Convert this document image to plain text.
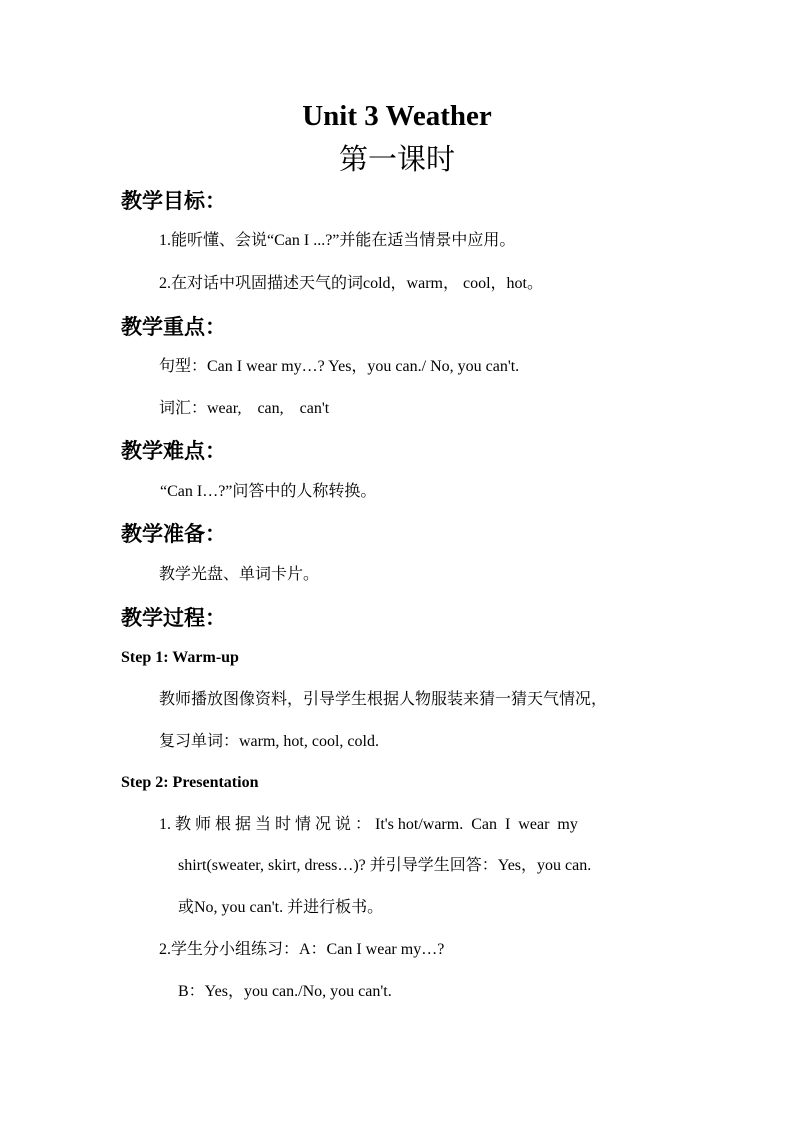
Unit 3 Weather
第一课时
教学目标：
1.能听懂、会说“Can I ...?”并能在适当情景中应用。
2.在对话中巩固描述天气的词cold，warm， cool，hot。
教学重点：
句型：Can I wear my…? Yes，you can./ No, you can't.
词汇：wear,    can,    can't
教学难点：
“Can I…?”问答中的人称转换。
教学准备：
教学光盘、单词卡片。
教学过程：
Step 1: Warm-up
教师播放图像资料，引导学生根据人物服装来猜一猜天气情况，
复习单词：warm, hot, cool, cold.
Step 2: Presentation
1. 教 师 根 据 当 时 情 况 说 ： It's hot/warm.  Can  I  wear  my
shirt(sweater, skirt, dress…)? 并引导学生回答：Yes，you can.
或No, you can't. 并进行板书。
2.学生分小组练习：A：Can I wear my…?
B：Yes，you can./No, you can't.
